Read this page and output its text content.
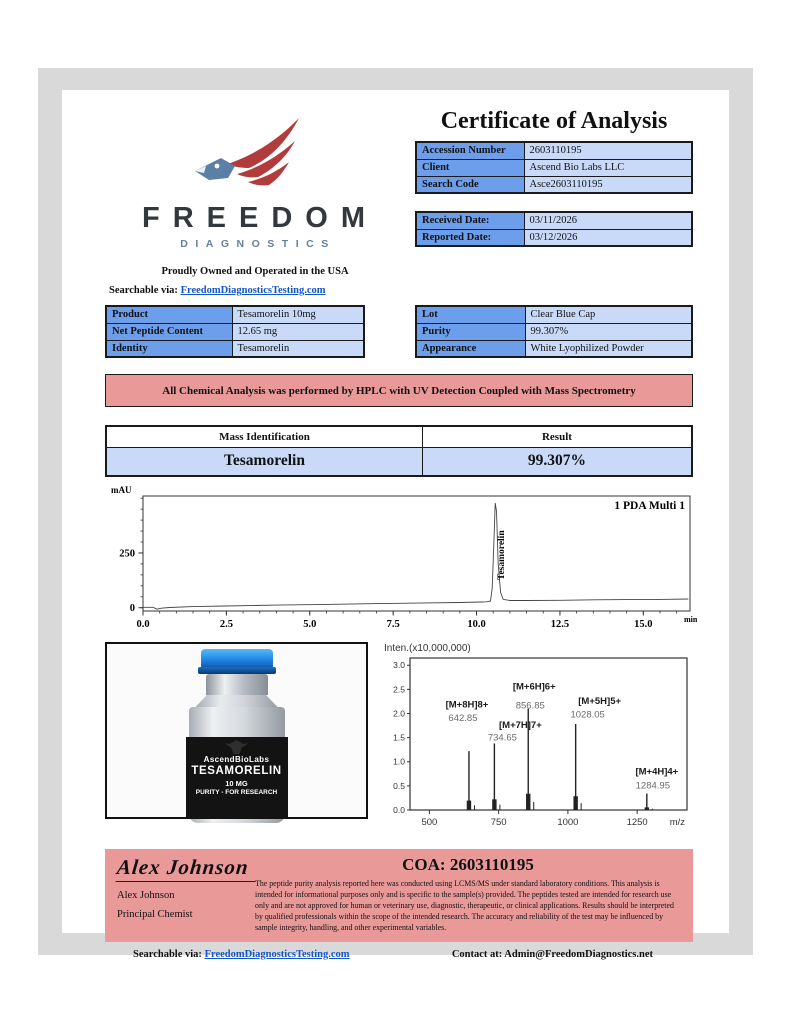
FREEDOM
DIAGNOSTICS
Proudly Owned and Operated in the USA
Searchable via: FreedomDiagnosticsTesting.com
Certificate of Analysis
Accession Number	2603110195
Client	Ascend Bio Labs LLC
Search Code	Asce2603110195
Received Date:	03/11/2026
Reported Date:	03/12/2026
Product	Tesamorelin 10mg
Net Peptide Content	12.65 mg
Identity	Tesamorelin
Lot	Clear Blue Cap
Purity	99.307%
Appearance	White Lyophilized Powder
All Chemical Analysis was performed by HPLC with UV Detection Coupled with Mass Spectrometry
Mass Identification	Result
Tesamorelin	99.307%
mAU
0
250
0.0	2.5	5.0	7.5	10.0	12.5	15.0	min
1 PDA Multi 1
Tesamorelin
AscendBioLabs
TESAMORELIN
10 MG
PURITY - FOR RESEARCH
Inten.(x10,000,000)
0.0
0.5
1.0
1.5
2.0
2.5
3.0
500	750	1000	1250 m/z
[M+8H]8+
642.85
[M+7H]7+
734.65
[M+6H]6+
856.85	[M+5H]5+
1028.05
[M+4H]4+
1284.95
Alex Johnson
Alex Johnson
Principal Chemist
COA: 2603110195
The peptide purity analysis reported here was conducted using LCMS/MS under standard laboratory conditions. This analysis is intended for informational purposes only and is specific to the sample(s) provided. The peptides tested are intended for research use only and are not approved for human or veterinary use, diagnostic, therapeutic, or clinical applications. Results should be interpreted by qualified professionals within the scope of the intended research. The accuracy and reliability of the test may be influenced by sample integrity, handling, and other experimental variables.
Searchable via: FreedomDiagnosticsTesting.com	Contact at: Admin@FreedomDiagnostics.net
